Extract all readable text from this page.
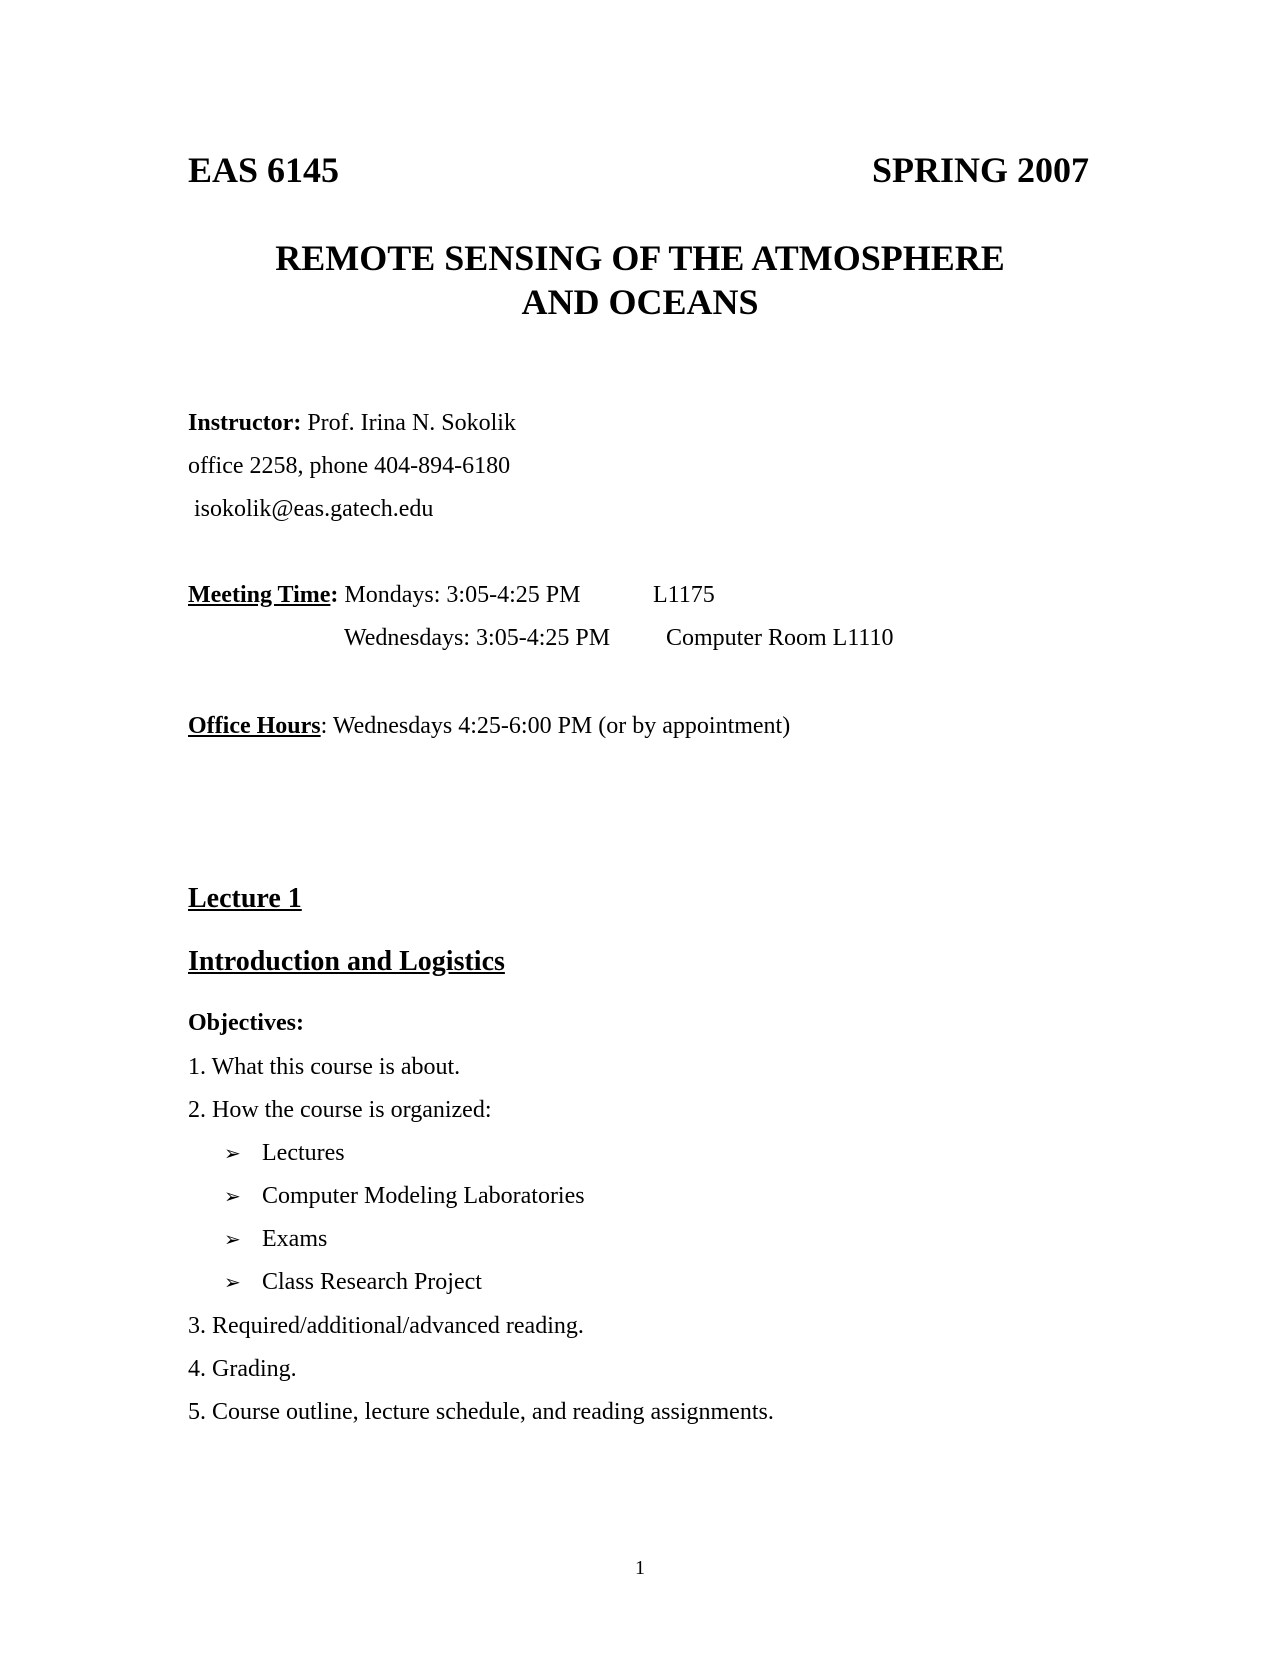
EAS 6145	SPRING 2007
REMOTE SENSING OF THE ATMOSPHERE
AND OCEANS
Instructor: Prof. Irina N. Sokolik
office 2258, phone 404-894-6180
isokolik@eas.gatech.edu
Meeting Time: Mondays: 3:05-4:25 PM	L1175
Wednesdays: 3:05-4:25 PM Computer Room L1110
Office Hours: Wednesdays 4:25-6:00 PM (or by appointment)
Lecture 1
Introduction and Logistics
Objectives:
1. What this course is about.
2. How the course is organized:
➢ Lectures
➢ Computer Modeling Laboratories
➢ Exams
➢ Class Research Project
3. Required/additional/advanced reading.
4. Grading.
5. Course outline, lecture schedule, and reading assignments.
1
